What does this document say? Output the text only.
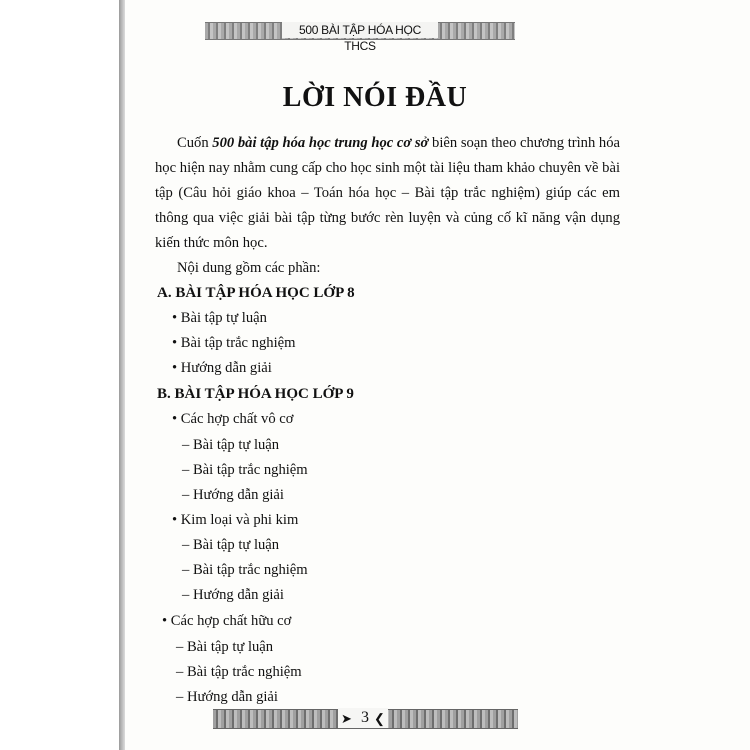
500 BÀI TẬP HÓA HỌC THCS
LỜI NÓI ĐẦU

Cuốn 500 bài tập hóa học trung học cơ sở biên soạn theo chương trình hóa học hiện nay nhằm cung cấp cho học sinh một tài liệu tham khảo chuyên về bài tập (Câu hỏi giáo khoa – Toán hóa học – Bài tập trắc nghiệm) giúp các em thông qua việc giải bài tập từng bước rèn luyện và củng cố kĩ năng vận dụng kiến thức môn học.

Nội dung gồm các phần:

A. BÀI TẬP HÓA HỌC LỚP 8

• Bài tập tự luận

• Bài tập trắc nghiệm

• Hướng dẫn giải

B. BÀI TẬP HÓA HỌC LỚP 9

• Các hợp chất vô cơ

– Bài tập tự luận

– Bài tập trắc nghiệm

– Hướng dẫn giải

• Kim loại và phi kim

– Bài tập tự luận

– Bài tập trắc nghiệm

– Hướng dẫn giải

• Các hợp chất hữu cơ

– Bài tập tự luận

– Bài tập trắc nghiệm

– Hướng dẫn giải

➤ 3 ❮
